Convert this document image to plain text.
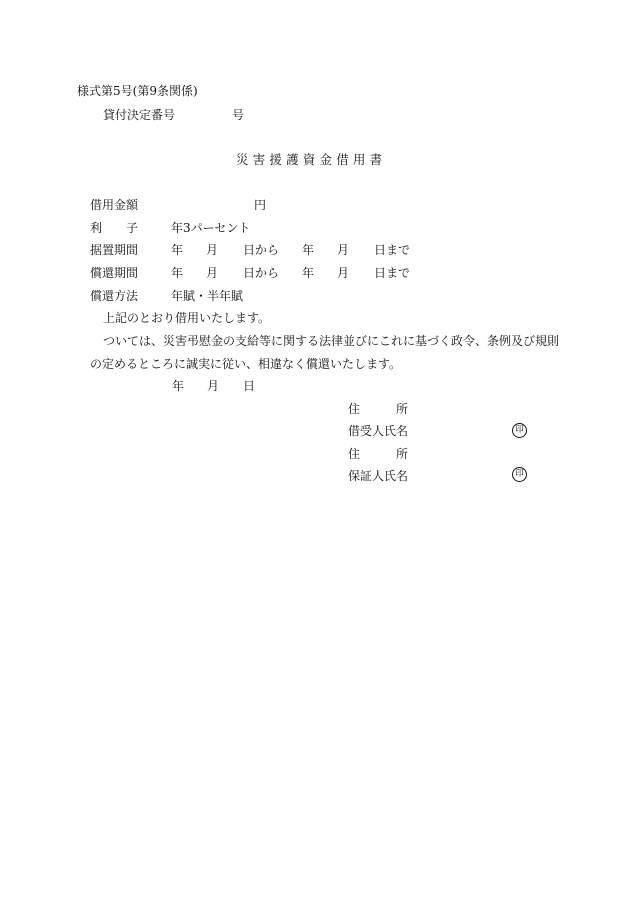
様式第5号(第9条関係)
貸付決定番号	号
災害援護資金借用書
借用金額	円
利 子	年3パーセント
据置期間	年 月 日から 年 月 日まで
償還期間	年 月 日から 年 月 日まで
償還方法	年賦・半年賦
上記のとおり借用いたします。
ついては、災害弔慰金の支給等に関する法律並びにこれに基づく政令、条例及び規則
の定めるところに誠実に従い、相違なく償還いたします。
年 月 日
住	所
借受人氏名	印
住	所
保証人氏名	印
